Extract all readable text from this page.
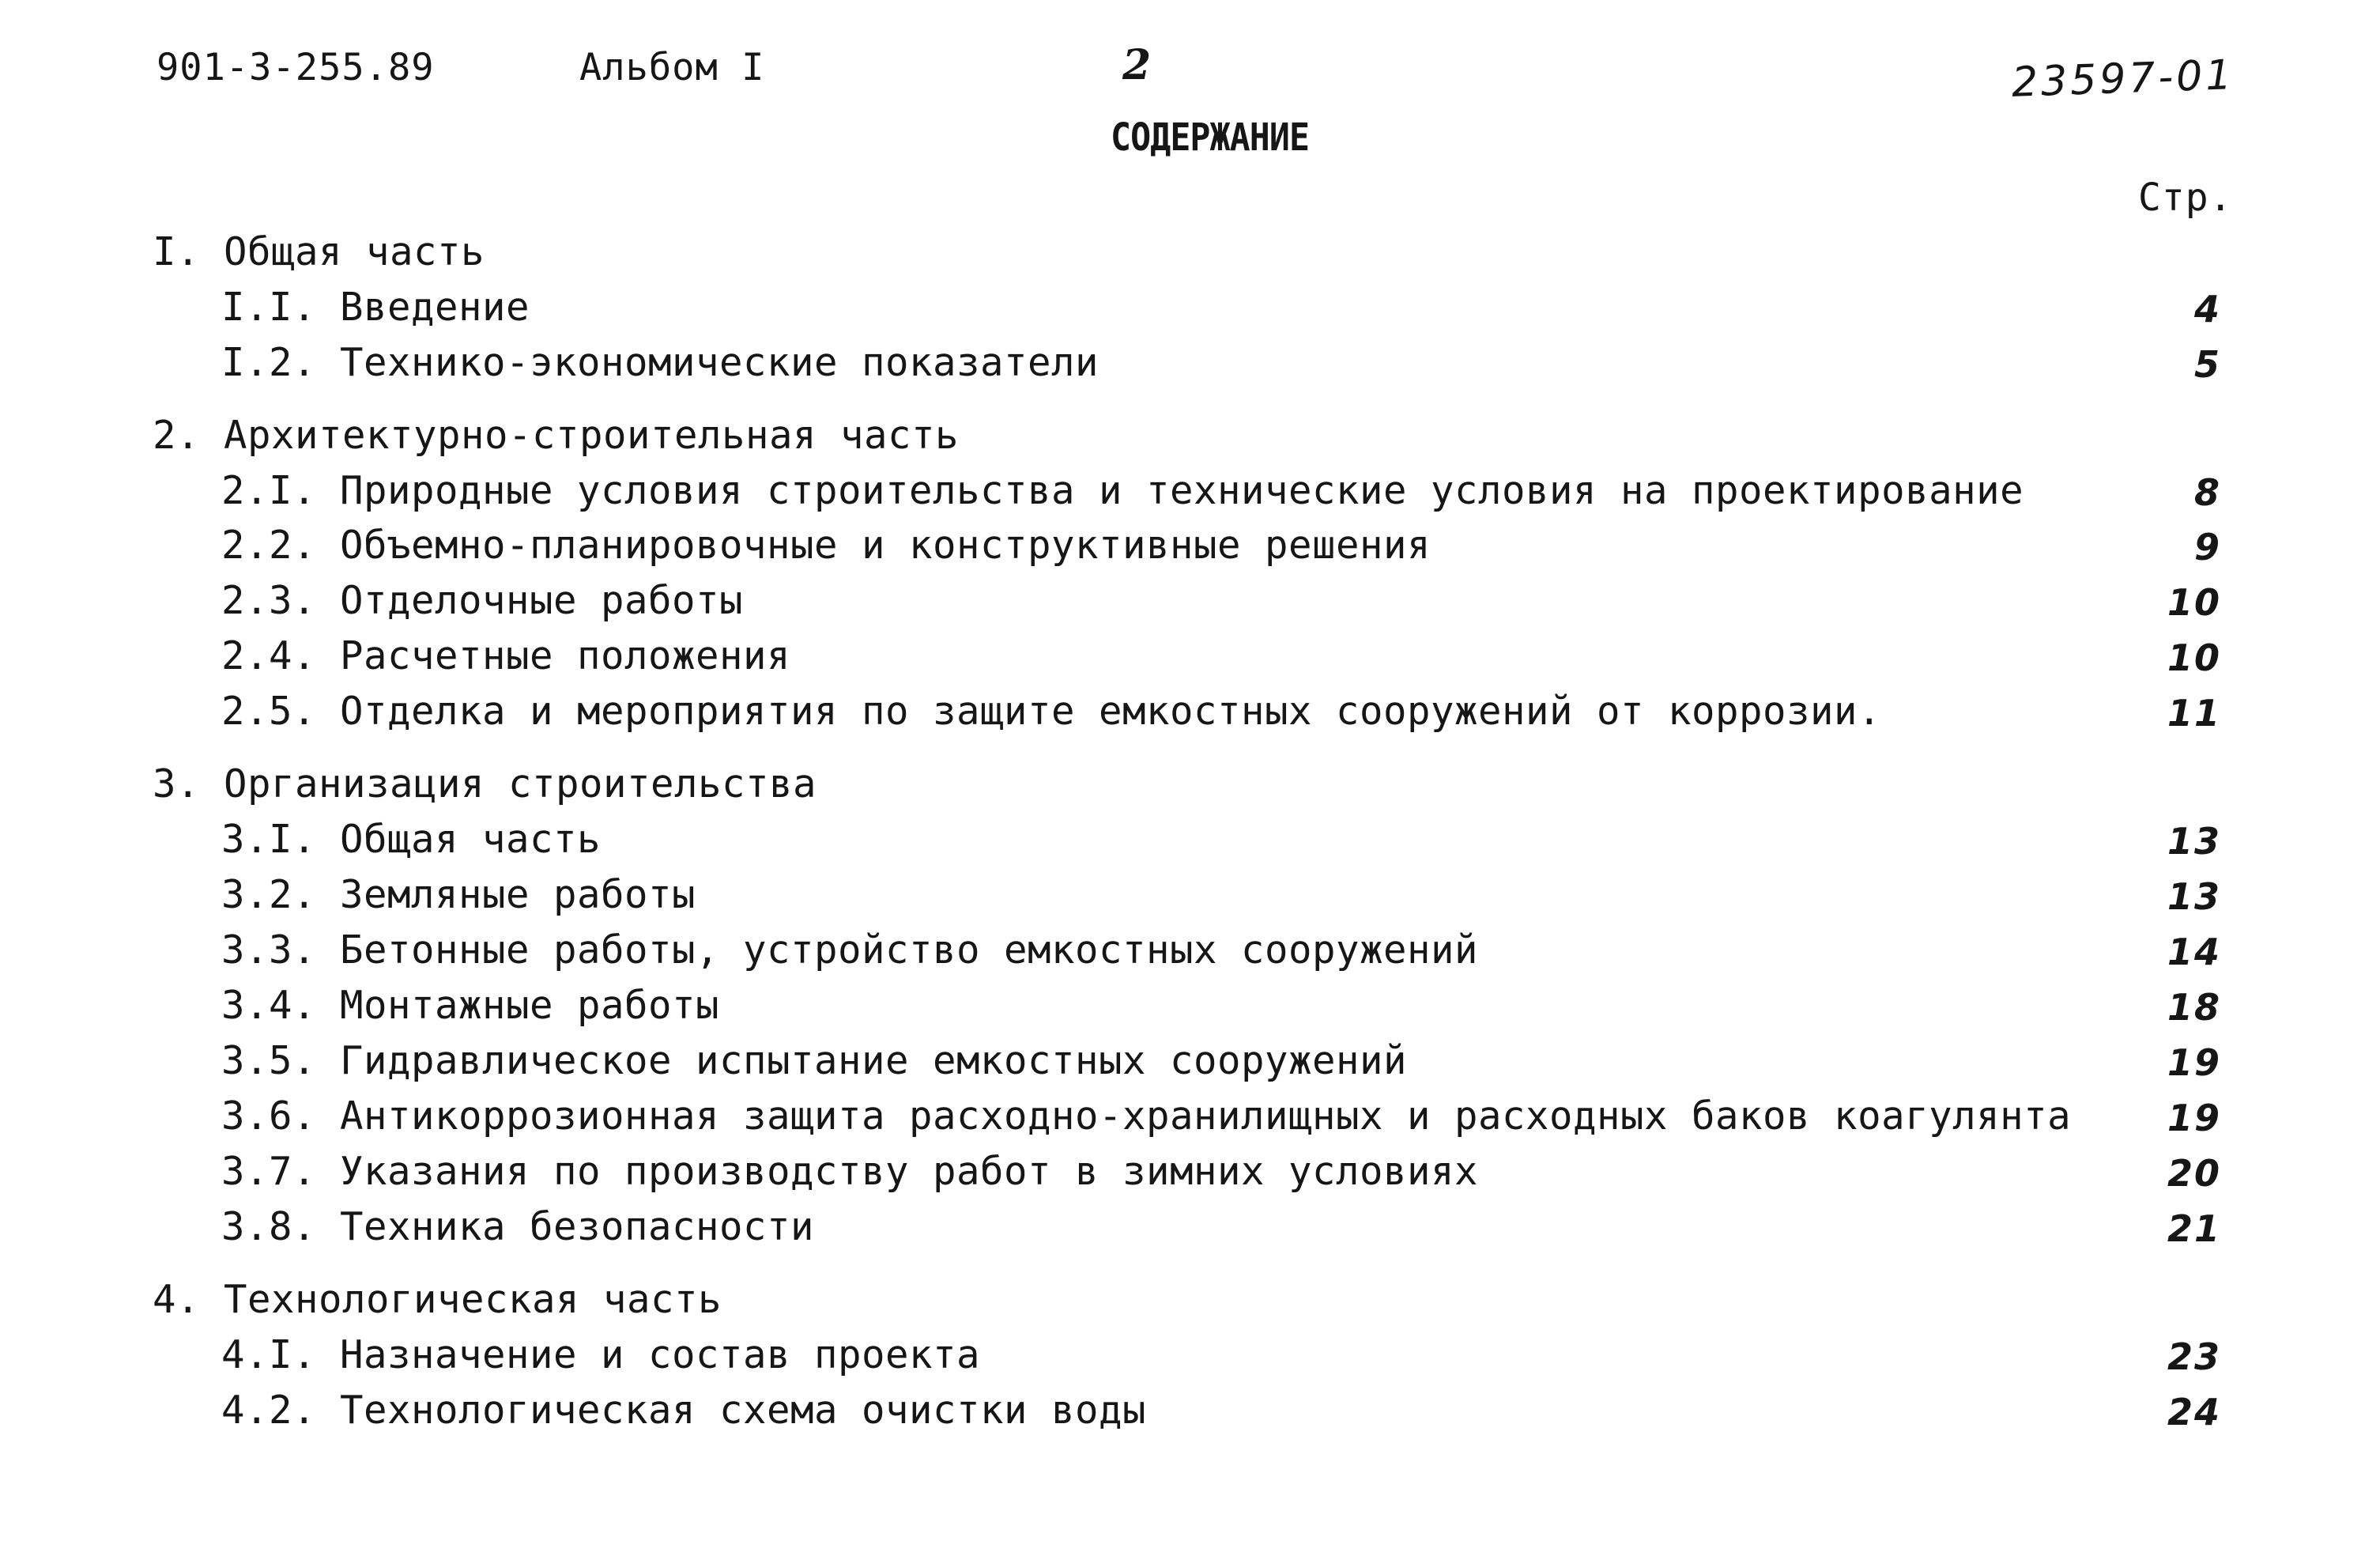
901-3-255.89	Альбом I	2	23597-01
СОДЕРЖАНИЕ
Стр.
I. Общая часть
I.I. Введение	4
I.2. Технико-экономические показатели	5
2. Архитектурно-строительная часть
2.I. Природные условия строительства и технические условия на проектирование	8
2.2. Объемно-планировочные и конструктивные решения	9
2.3. Отделочные работы	10
2.4. Расчетные положения	10
2.5. Отделка и мероприятия по защите емкостных сооружений от коррозии.	11
3. Организация строительства
3.I. Общая часть	13
3.2. Земляные работы	13
3.3. Бетонные работы, устройство емкостных сооружений	14
3.4. Монтажные работы	18
3.5. Гидравлическое испытание емкостных сооружений	19
3.6. Антикоррозионная защита расходно-хранилищных и расходных баков коагулянта	19
3.7. Указания по производству работ в зимних условиях	20
3.8. Техника безопасности	21
4. Технологическая часть
4.I. Назначение и состав проекта	23
4.2. Технологическая схема очистки воды	24
